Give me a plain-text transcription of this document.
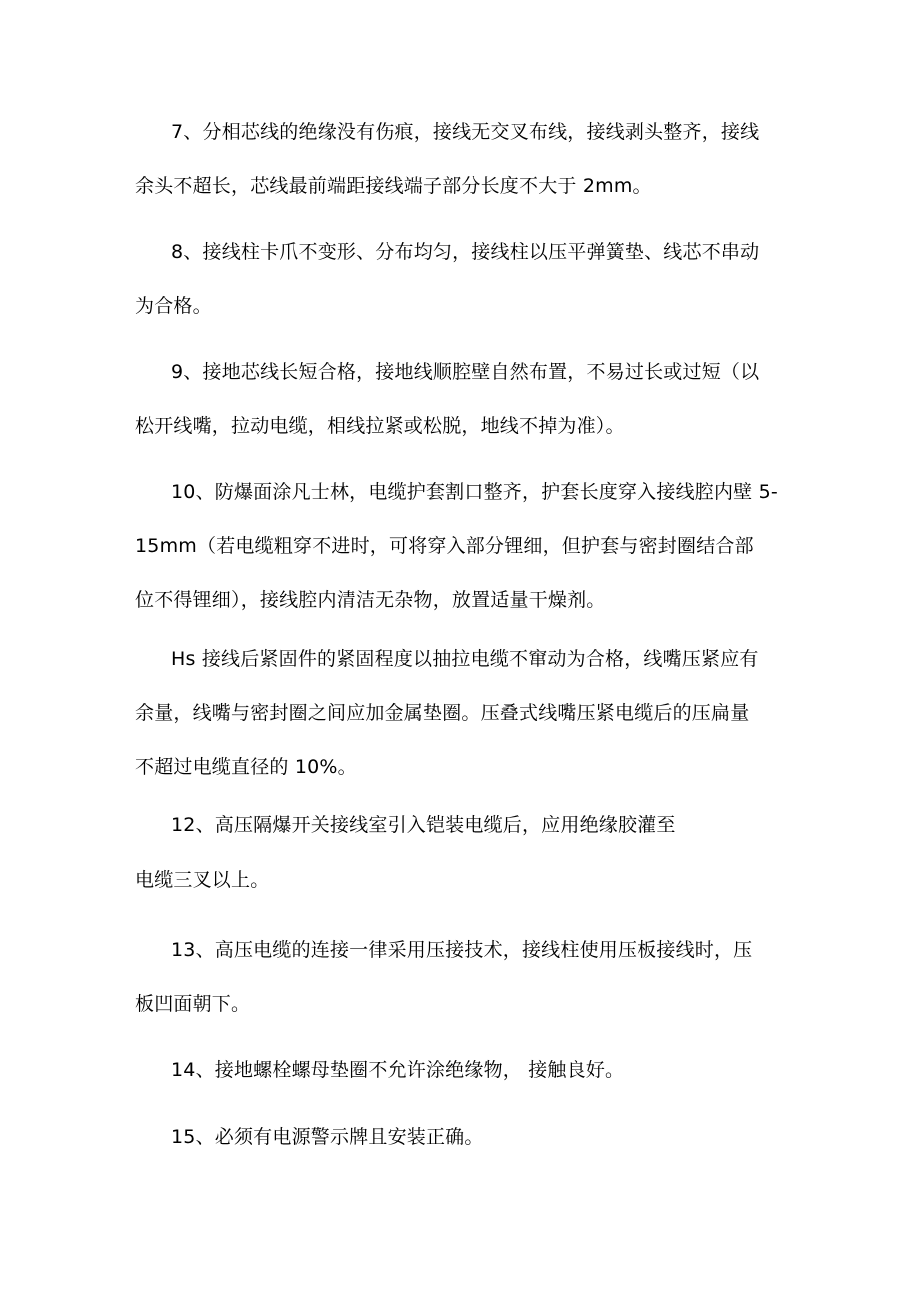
7、分相芯线的绝缘没有伤痕，接线无交叉布线，接线剥头整齐，接线
余头不超长，芯线最前端距接线端子部分长度不大于 2mm。
8、接线柱卡爪不变形、分布均匀，接线柱以压平弹簧垫、线芯不串动
为合格。
9、接地芯线长短合格，接地线顺腔壁自然布置，不易过长或过短（以
松开线嘴，拉动电缆，相线拉紧或松脱，地线不掉为准）。
10、防爆面涂凡士林，电缆护套割口整齐，护套长度穿入接线腔内壁 5-
15mm（若电缆粗穿不进时，可将穿入部分锂细，但护套与密封圈结合部
位不得锂细），接线腔内清洁无杂物，放置适量干燥剂。
Hs 接线后紧固件的紧固程度以抽拉电缆不窜动为合格，线嘴压紧应有
余量，线嘴与密封圈之间应加金属垫圈。压叠式线嘴压紧电缆后的压扁量
不超过电缆直径的 10%。
12、高压隔爆开关接线室引入铠装电缆后，应用绝缘胶灌至
电缆三叉以上。
13、高压电缆的连接一律采用压接技术，接线柱使用压板接线时，压
板凹面朝下。
14、接地螺栓螺母垫圈不允许涂绝缘物， 接触良好。
15、必须有电源警示牌且安装正确。
